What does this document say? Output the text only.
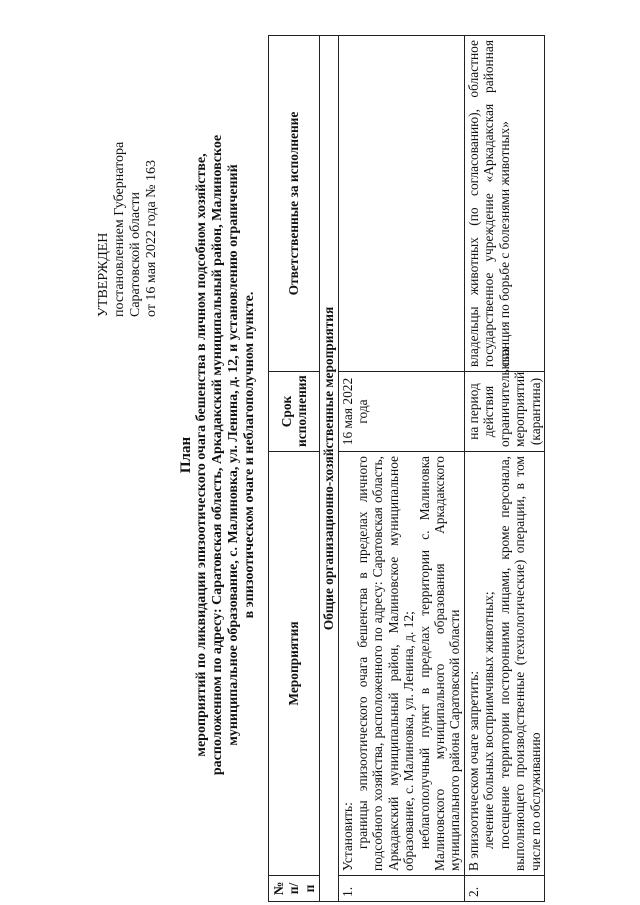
УТВЕРЖДЕН постановлением Губернатора Саратовской области от 16 мая 2022 года № 163
План мероприятий по ликвидации эпизоотического очага бешенства в личном подсобном хозяйстве, расположенном по адресу: Саратовская область, Аркадакский муниципальный район, Малиновское муниципальное образование, с. Малиновка, ул. Ленина, д. 12, и установлению ограничений в эпизоотическом очаге и неблагополучном пункте.
№ п/п	Мероприятия	Срок исполнения	Ответственные за исполнение
Общие организационно-хозяйственные мероприятия			
1.	Установить: границы эпизоотического очага бешенства в пределах личного подсобного хозяйства, расположенного по адресу: Саратовская область, Аркадакский муниципальный район, Малиновское муниципальное образование, с. Малиновка, ул. Ленина, д. 12; неблагополучный пункт в пределах территории с. Малиновка Малиновского муниципального образования Аркадакского муниципального района Саратовской области	16 мая 2022 года	
2.	В эпизоотическом очаге запретить: лечение больных восприимчивых животных; посещение территории посторонними лицами, кроме персонала, выполняющего производственные (технологические) операции, в том числе по обслуживанию	на период действия ограничительных мероприятий (карантина)	владельцы животных (по согласованию), областное государственное учреждение «Аркадакская районная станция по борьбе с болезнями животных»
